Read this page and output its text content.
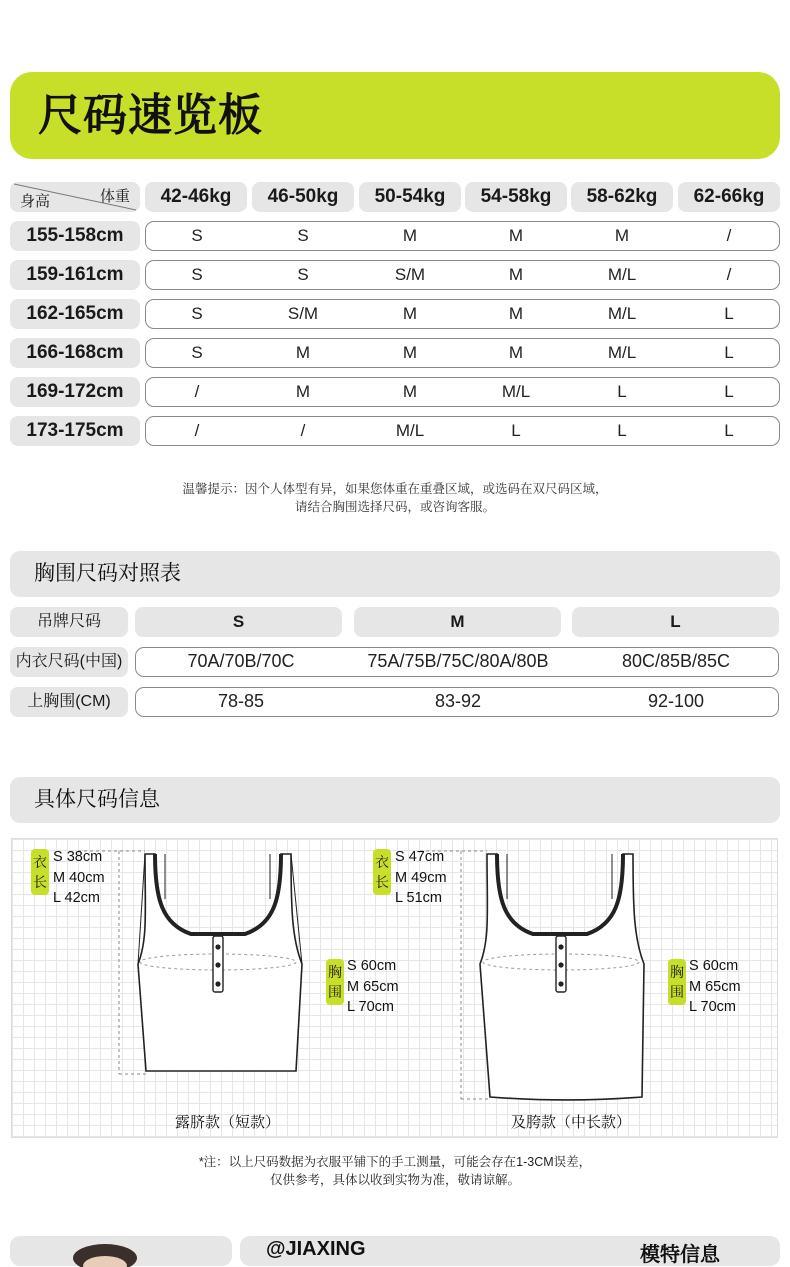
尺码速览板
身高	体重	42-46kg	46-50kg	50-54kg	54-58kg	58-62kg	62-66kg
155-158cm	S	S	M	M	M	/
159-161cm	S	S	S/M	M	M/L	/
162-165cm	S	S/M	M	M	M/L	L
166-168cm	S	M	M	M	M/L	L
169-172cm	/	M	M	M/L	L	L
173-175cm	/	/	M/L	L	L	L
温馨提示：因个人体型有异，如果您体重在重叠区域，或选码在双尺码区域，
请结合胸围选择尺码，或咨询客服。
胸围尺码对照表
吊牌尺码	S	M	L
内衣尺码(中国)	70A/70B/70C	75A/75B/75C/80A/80B	80C/85B/85C
上胸围(CM)	78-85	83-92	92-100
具体尺码信息
衣
长
S 38cm
M 40cm
L 42cm
胸
围
S 60cm
M 65cm
L 70cm
露脐款（短款）
衣
长
S 47cm
M 49cm
L 51cm
胸
围
S 60cm
M 65cm
L 70cm
及胯款（中长款）
*注：以上尺码数据为衣服平铺下的手工测量，可能会存在1-3CM误差，
仅供参考，具体以收到实物为准，敬请谅解。
@JIAXING	模特信息
